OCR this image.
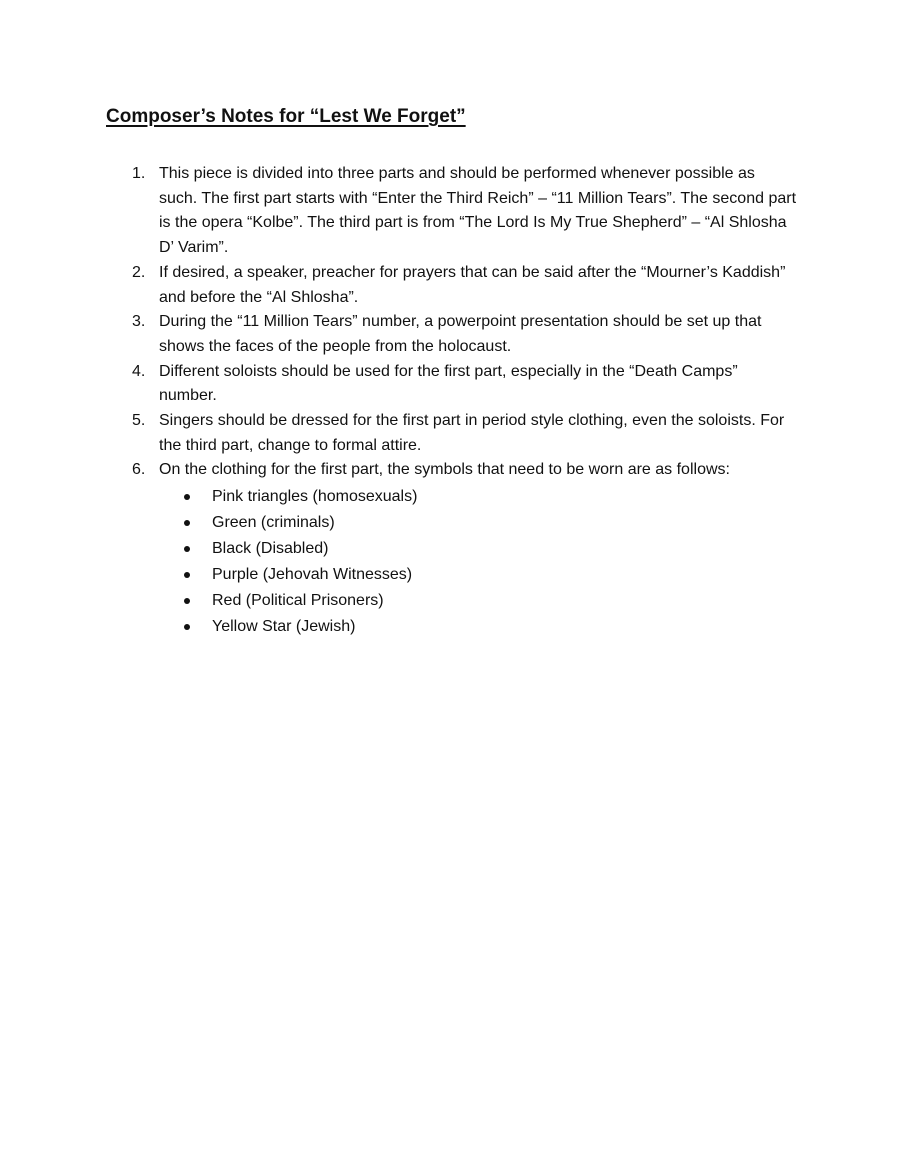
Composer’s Notes for “Lest We Forget”
1. This piece is divided into three parts and should be performed whenever possible as such. The first part starts with “Enter the Third Reich” – “11 Million Tears”. The second part is the opera “Kolbe”. The third part is from “The Lord Is My True Shepherd” – “Al Shlosha D’ Varim”.
2. If desired, a speaker, preacher for prayers that can be said after the “Mourner’s Kaddish” and before the “Al Shlosha”.
3. During the “11 Million Tears” number, a powerpoint presentation should be set up that shows the faces of the people from the holocaust.
4. Different soloists should be used for the first part, especially in the “Death Camps” number.
5. Singers should be dressed for the first part in period style clothing, even the soloists. For the third part, change to formal attire.
6. On the clothing for the first part, the symbols that need to be worn are as follows:
Pink triangles (homosexuals)
Green (criminals)
Black (Disabled)
Purple (Jehovah Witnesses)
Red (Political Prisoners)
Yellow Star (Jewish)
